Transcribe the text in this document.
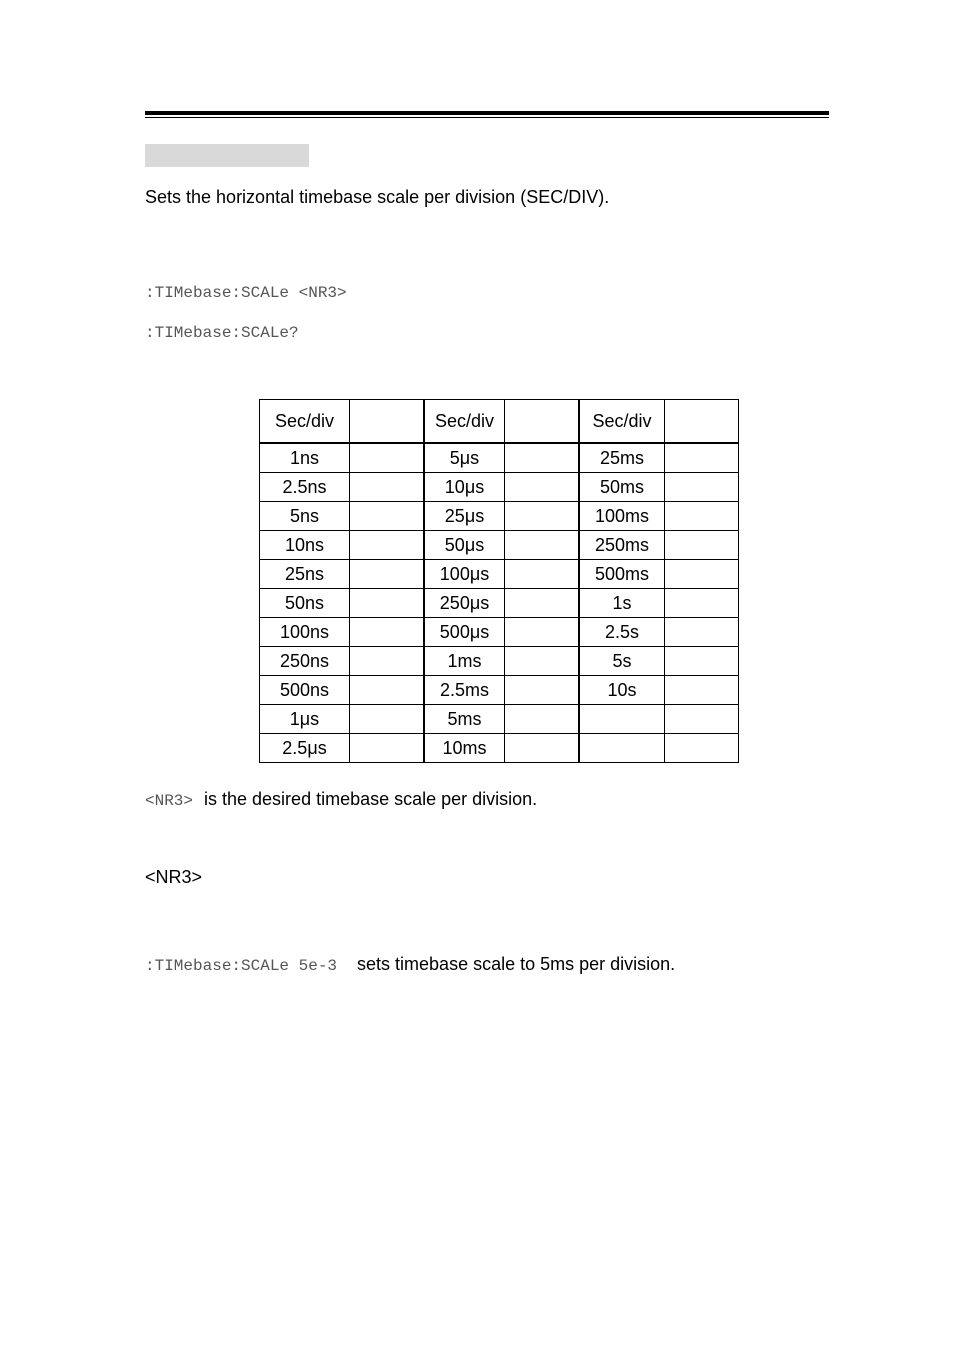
Sets the horizontal timebase scale per division (SEC/DIV).
:TIMebase:SCALe <NR3>
:TIMebase:SCALe?
Sec/div		Sec/div		Sec/div	
1ns		5μs		25ms	
2.5ns		10μs		50ms	
5ns		25μs		100ms	
10ns		50μs		250ms	
25ns		100μs		500ms	
50ns		250μs		1s	
100ns		500μs		2.5s	
250ns		1ms		5s	
500ns		2.5ms		10s	
1μs		5ms			
2.5μs		10ms			
<NR3> is the desired timebase scale per division.
<NR3>
:TIMebase:SCALe 5e-3 sets timebase scale to 5ms per division.
